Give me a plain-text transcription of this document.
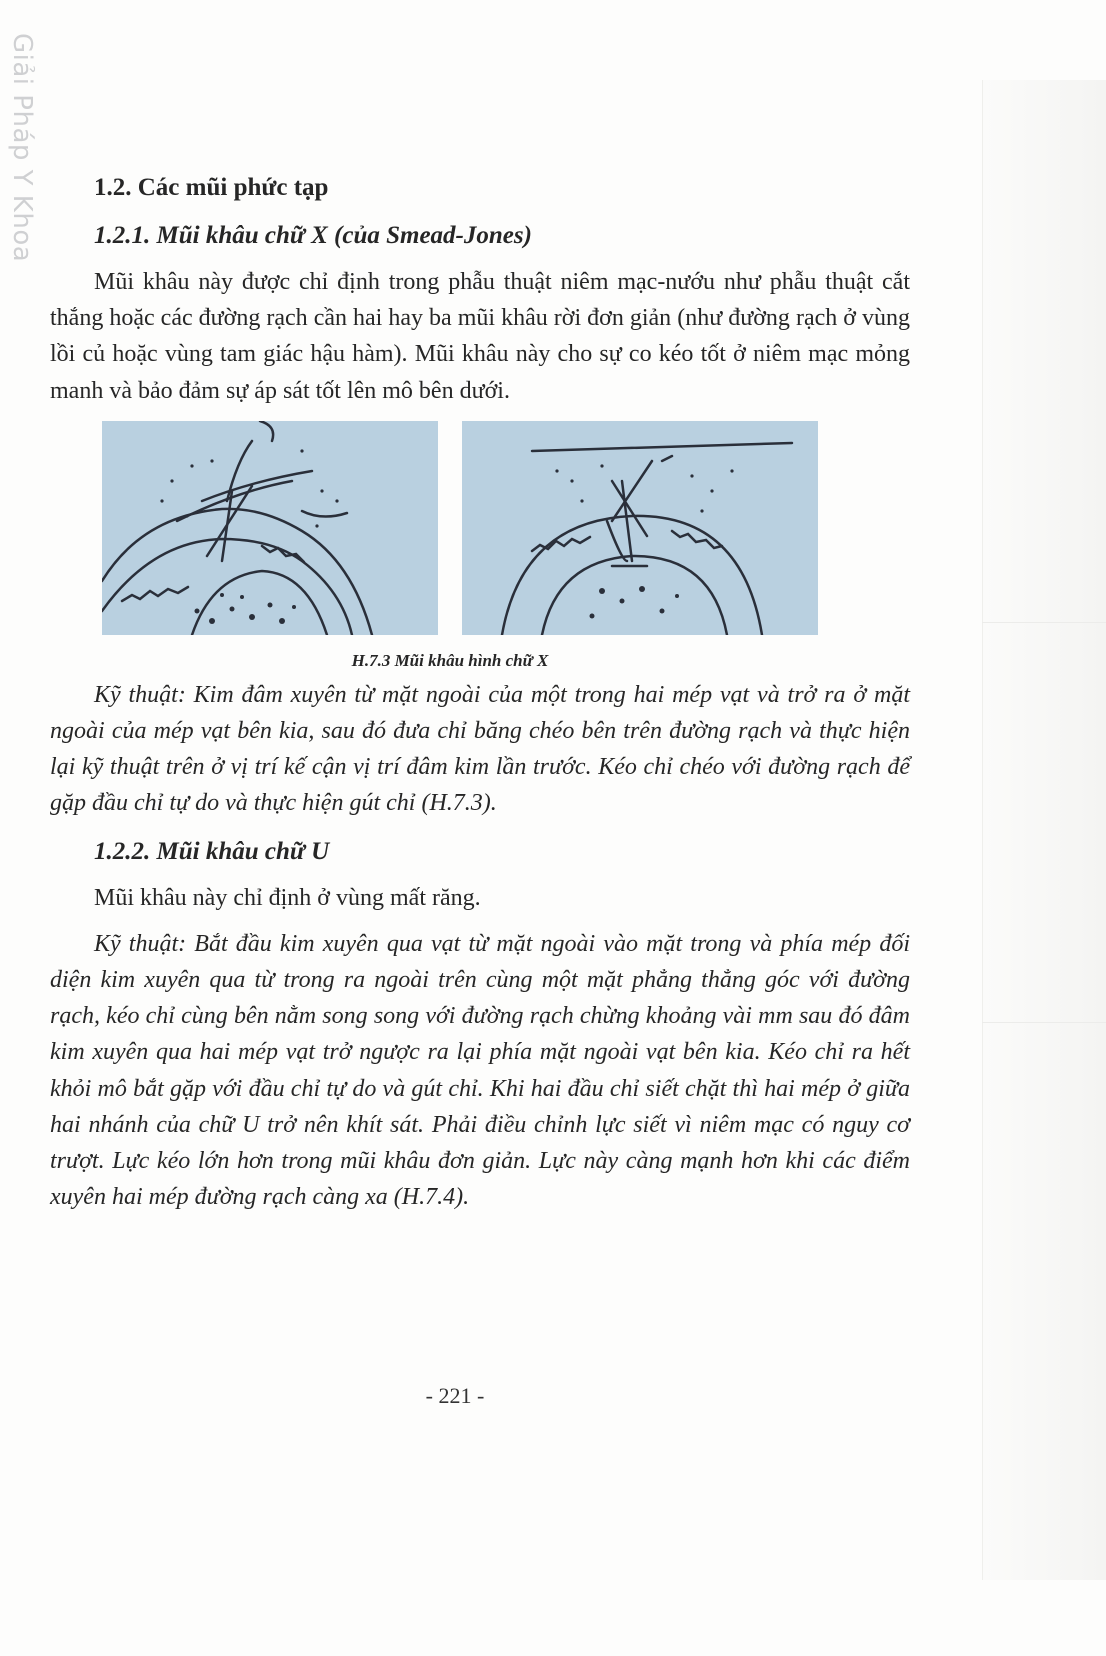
Giải Pháp Y Khoa	1.2. Các mũi phức tạp
1.2.1. Mũi khâu chữ X (của Smead-Jones)

Mũi khâu này được chỉ định trong phẫu thuật niêm mạc-nướu như phẫu thuật cắt thắng hoặc các đường rạch cần hai hay ba mũi khâu rời đơn giản (như đường rạch ở vùng lồi củ hoặc vùng tam giác hậu hàm). Mũi khâu này cho sự co kéo tốt ở niêm mạc mỏng manh và bảo đảm sự áp sát tốt lên mô bên dưới.

H.7.3 Mũi khâu hình chữ X

Kỹ thuật: Kim đâm xuyên từ mặt ngoài của một trong hai mép vạt và trở ra ở mặt ngoài của mép vạt bên kia, sau đó đưa chỉ băng chéo bên trên đường rạch và thực hiện lại kỹ thuật trên ở vị trí kế cận vị trí đâm kim lần trước. Kéo chỉ chéo với đường rạch để gặp đầu chỉ tự do và thực hiện gút chỉ (H.7.3).

1.2.2. Mũi khâu chữ U

Mũi khâu này chỉ định ở vùng mất răng.

Kỹ thuật: Bắt đầu kim xuyên qua vạt từ mặt ngoài vào mặt trong và phía mép đối diện kim xuyên qua từ trong ra ngoài trên cùng một mặt phẳng thẳng góc với đường rạch, kéo chỉ cùng bên nằm song song với đường rạch chừng khoảng vài mm sau đó đâm kim xuyên qua hai mép vạt trở ngược ra lại phía mặt ngoài vạt bên kia. Kéo chỉ ra hết khỏi mô bắt gặp với đầu chỉ tự do và gút chỉ. Khi hai đầu chỉ siết chặt thì hai mép ở giữa hai nhánh của chữ U trở nên khít sát. Phải điều chỉnh lực siết vì niêm mạc có nguy cơ trượt. Lực kéo lớn hơn trong mũi khâu đơn giản. Lực này càng mạnh hơn khi các điểm xuyên hai mép đường rạch càng xa (H.7.4).

- 221 -
